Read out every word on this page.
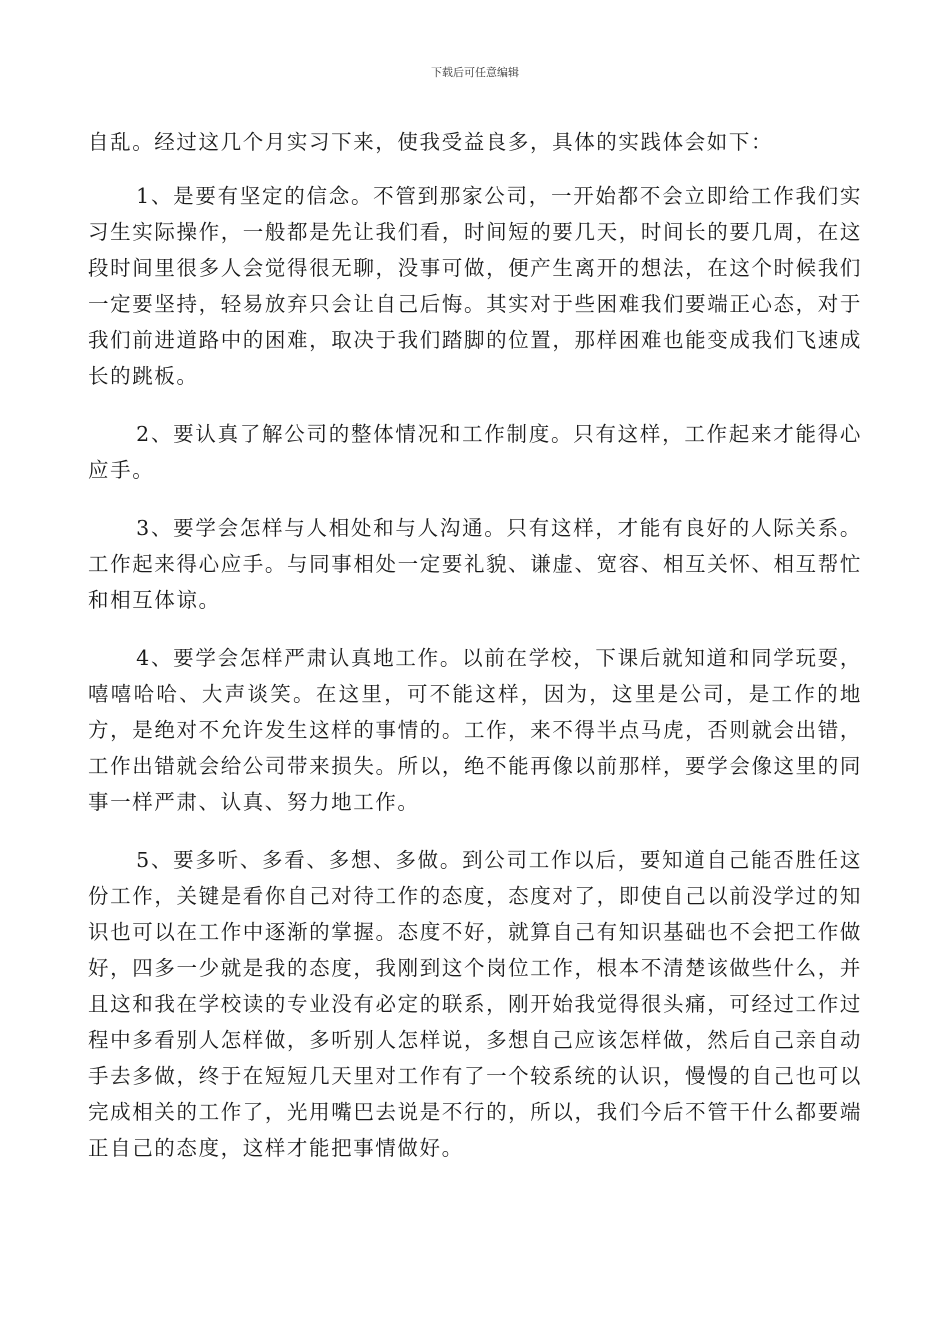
下载后可任意编辑

自乱。经过这几个月实习下来，使我受益良多，具体的实践体会如下：

1、是要有坚定的信念。不管到那家公司，一开始都不会立即给工作我们实习生实际操作，一般都是先让我们看，时间短的要几天，时间长的要几周，在这段时间里很多人会觉得很无聊，没事可做，便产生离开的想法，在这个时候我们一定要坚持，轻易放弃只会让自己后悔。其实对于些困难我们要端正心态，对于我们前进道路中的困难，取决于我们踏脚的位置，那样困难也能变成我们飞速成长的跳板。

2、要认真了解公司的整体情况和工作制度。只有这样，工作起来才能得心应手。

3、要学会怎样与人相处和与人沟通。只有这样，才能有良好的人际关系。工作起来得心应手。与同事相处一定要礼貌、谦虚、宽容、相互关怀、相互帮忙和相互体谅。

4、要学会怎样严肃认真地工作。以前在学校，下课后就知道和同学玩耍，嘻嘻哈哈、大声谈笑。在这里，可不能这样，因为，这里是公司，是工作的地方，是绝对不允许发生这样的事情的。工作，来不得半点马虎，否则就会出错，工作出错就会给公司带来损失。所以，绝不能再像以前那样，要学会像这里的同事一样严肃、认真、努力地工作。

5、要多听、多看、多想、多做。到公司工作以后，要知道自己能否胜任这份工作，关键是看你自己对待工作的态度，态度对了，即使自己以前没学过的知识也可以在工作中逐渐的掌握。态度不好，就算自己有知识基础也不会把工作做好，四多一少就是我的态度，我刚到这个岗位工作，根本不清楚该做些什么，并且这和我在学校读的专业没有必定的联系，刚开始我觉得很头痛，可经过工作过程中多看别人怎样做，多听别人怎样说，多想自己应该怎样做，然后自己亲自动手去多做，终于在短短几天里对工作有了一个较系统的认识，慢慢的自己也可以完成相关的工作了，光用嘴巴去说是不行的，所以，我们今后不管干什么都要端正自己的态度，这样才能把事情做好。
